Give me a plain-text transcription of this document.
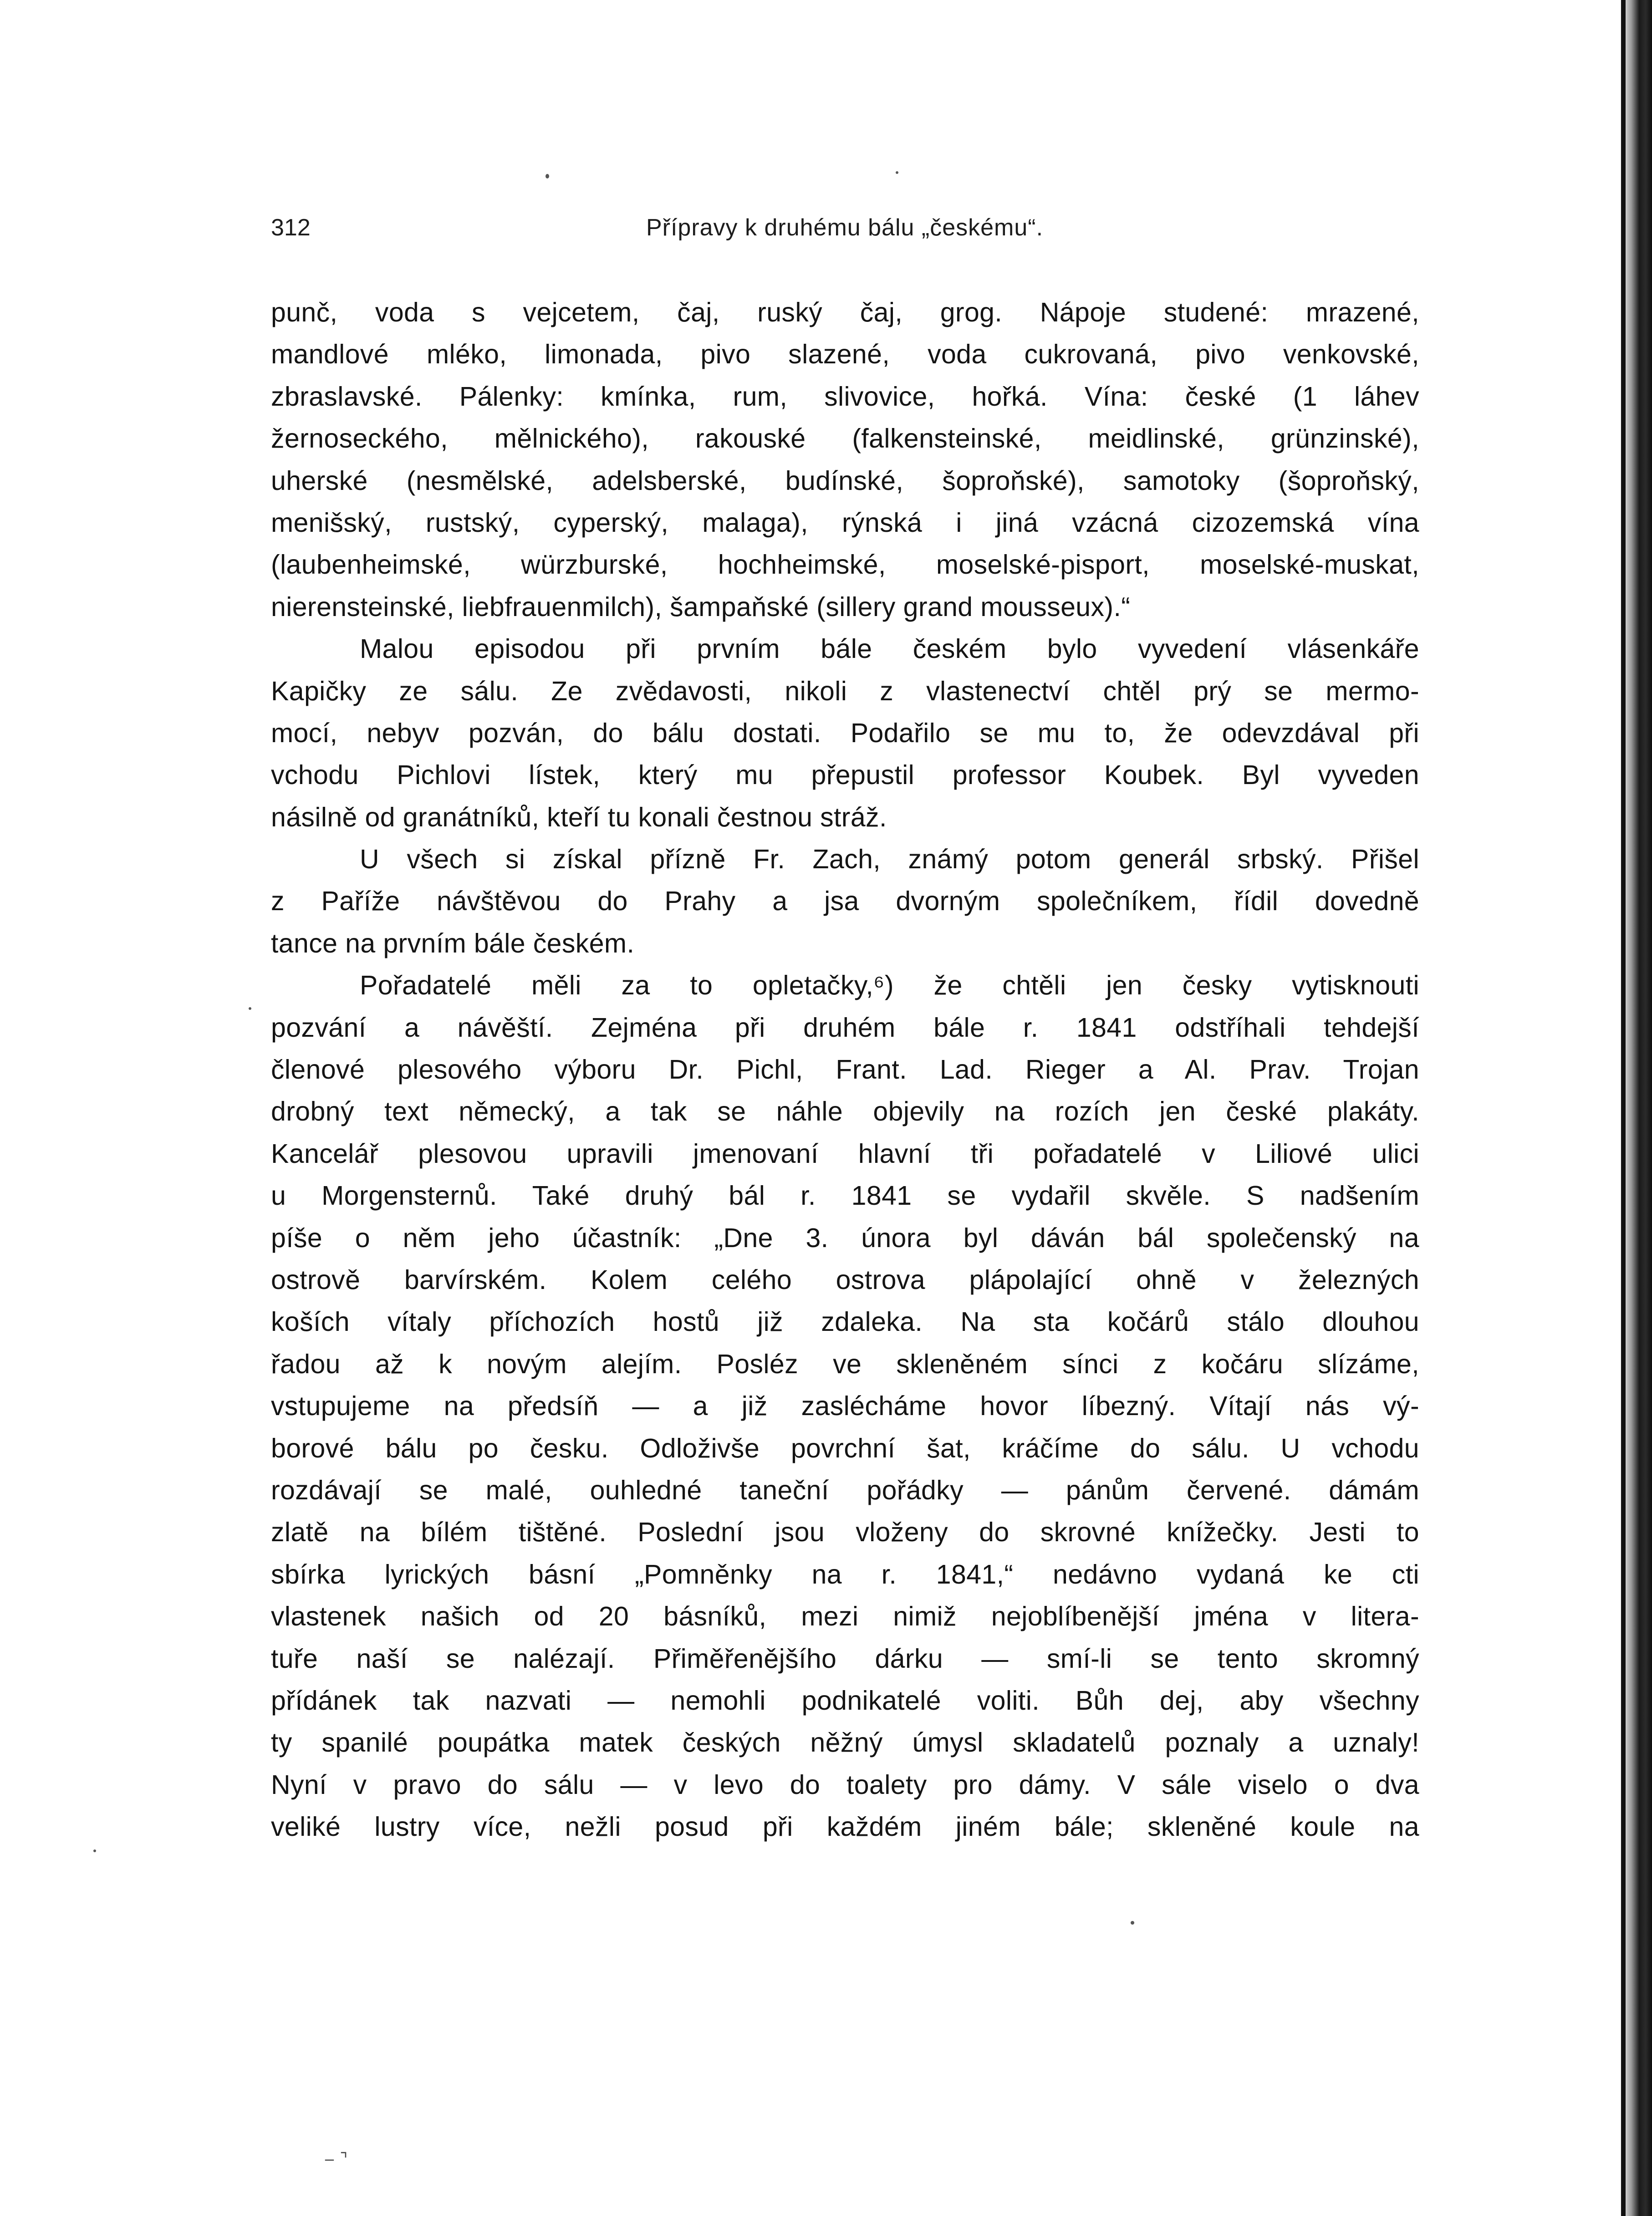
312	Přípravy k druhému bálu „českému“.
punč, voda s vejcetem, čaj, ruský čaj, grog. Nápoje studené: mrazené,
mandlové mléko, limonada, pivo slazené, voda cukrovaná, pivo venkovské,
zbraslavské. Pálenky: kmínka, rum, slivovice, hořká. Vína: české (1 láhev
žernoseckého, mělnického), rakouské (falkensteinské, meidlinské, grünzinské),
uherské (nesmělské, adelsberské, budínské, šoproňské), samotoky (šoproňský,
menišský, rustský, cyperský, malaga), rýnská i jiná vzácná cizozemská vína
(laubenheimské, würzburské, hochheimské, moselské-pisport, moselské-muskat,
nierensteinské, liebfrauenmilch), šampaňské (sillery grand mousseux).“
Malou episodou při prvním bále českém bylo vyvedení vlásenkáře
Kapičky ze sálu. Ze zvědavosti, nikoli z vlastenectví chtěl prý se mermo-
mocí, nebyv pozván, do bálu dostati. Podařilo se mu to, že odevzdával při
vchodu Pichlovi lístek, který mu přepustil professor Koubek. Byl vyveden
násilně od granátníků, kteří tu konali čestnou stráž.
U všech si získal přízně Fr. Zach, známý potom generál srbský. Přišel
z Paříže návštěvou do Prahy a jsa dvorným společníkem, řídil dovedně
tance na prvním bále českém.
Pořadatelé měli za to opletačky,⁶) že chtěli jen česky vytisknouti
pozvání a návěští. Zejména při druhém bále r. 1841 odstříhali tehdejší
členové plesového výboru Dr. Pichl, Frant. Lad. Rieger a Al. Prav. Trojan
drobný text německý, a tak se náhle objevily na rozích jen české plakáty.
Kancelář plesovou upravili jmenovaní hlavní tři pořadatelé v Liliové ulici
u Morgensternů. Také druhý bál r. 1841 se vydařil skvěle. S nadšením
píše o něm jeho účastník: „Dne 3. února byl dáván bál společenský na
ostrově barvírském. Kolem celého ostrova plápolající ohně v železných
koších vítaly příchozích hostů již zdaleka. Na sta kočárů stálo dlouhou
řadou až k novým alejím. Posléz ve skleněném sínci z kočáru slízáme,
vstupujeme na předsíň — a již zaslécháme hovor líbezný. Vítají nás vý-
borové bálu po česku. Odloživše povrchní šat, kráčíme do sálu. U vchodu
rozdávají se malé, ouhledné taneční pořádky — pánům červené. dámám
zlatě na bílém tištěné. Poslední jsou vloženy do skrovné knížečky. Jesti to
sbírka lyrických básní „Pomněnky na r. 1841,“ nedávno vydaná ke cti
vlastenek našich od 20 básníků, mezi nimiž nejoblíbenější jména v litera-
tuře naší se nalézají. Přiměřenějšího dárku — smí-li se tento skromný
přídánek tak nazvati — nemohli podnikatelé voliti. Bůh dej, aby všechny
ty spanilé poupátka matek českých něžný úmysl skladatelů poznaly a uznaly!
Nyní v pravo do sálu — v levo do toalety pro dámy. V sále viselo o dva
veliké lustry více, nežli posud při každém jiném bále; skleněné koule na
‒ ⌝
